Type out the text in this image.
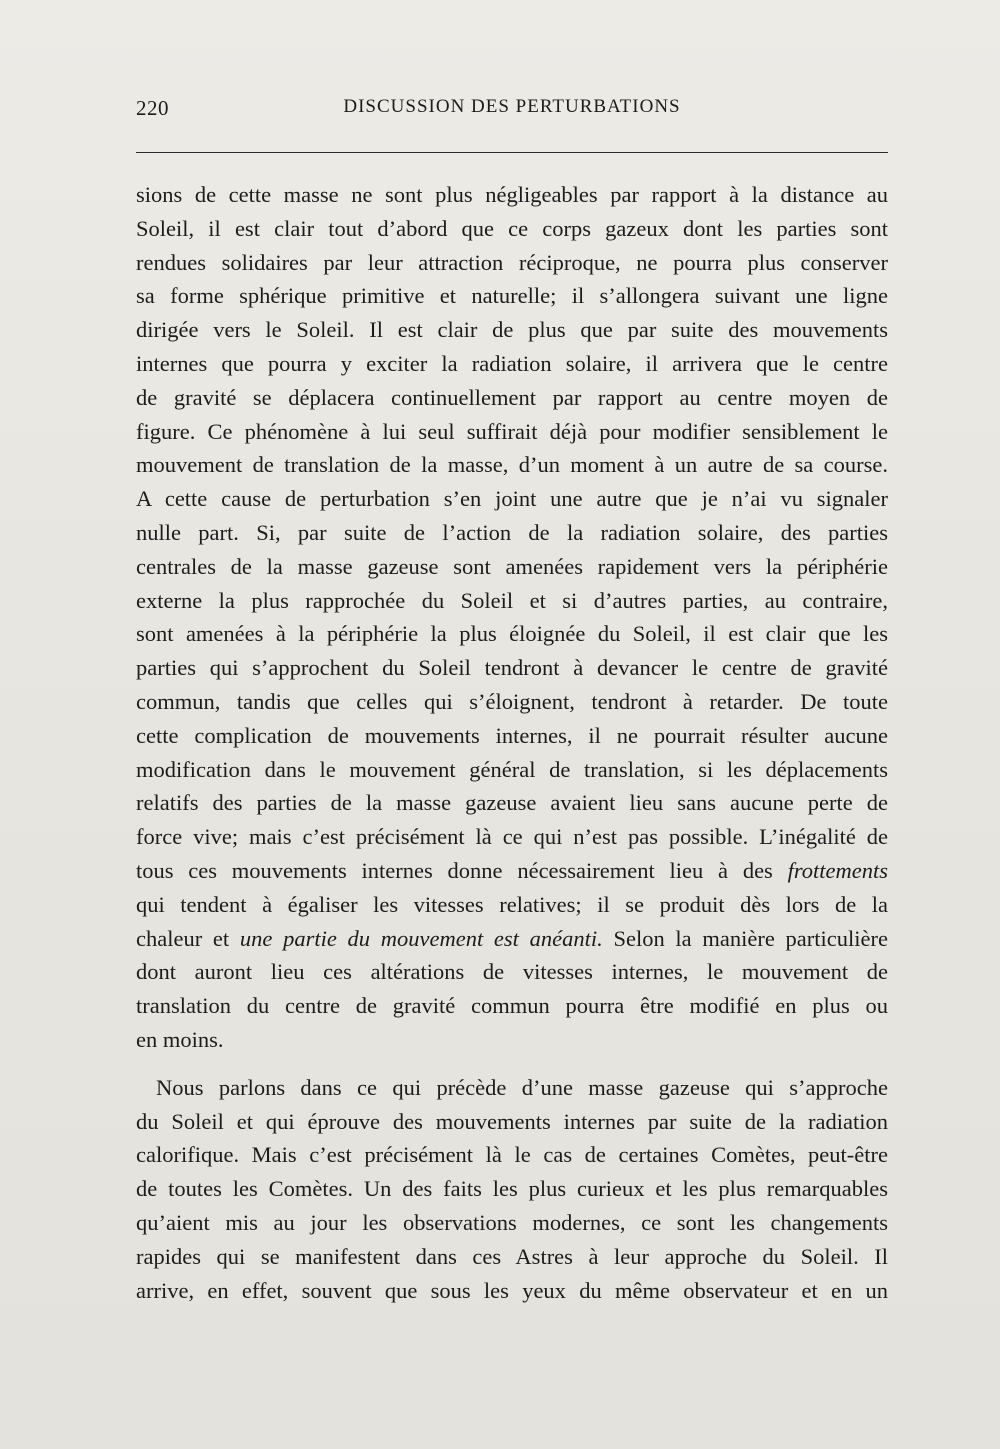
220	DISCUSSION DES PERTURBATIONS
sions de cette masse ne sont plus négligeables par rapport à la distance au
Soleil, il est clair tout d’abord que ce corps gazeux dont les parties sont
rendues solidaires par leur attraction réciproque, ne pourra plus conserver
sa forme sphérique primitive et naturelle; il s’allongera suivant une ligne
dirigée vers le Soleil. Il est clair de plus que par suite des mouvements
internes que pourra y exciter la radiation solaire, il arrivera que le centre
de gravité se déplacera continuellement par rapport au centre moyen de
figure. Ce phénomène à lui seul suffirait déjà pour modifier sensiblement le
mouvement de translation de la masse, d’un moment à un autre de sa course.
A cette cause de perturbation s’en joint une autre que je n’ai vu signaler
nulle part. Si, par suite de l’action de la radiation solaire, des parties
centrales de la masse gazeuse sont amenées rapidement vers la périphérie
externe la plus rapprochée du Soleil et si d’autres parties, au contraire,
sont amenées à la périphérie la plus éloignée du Soleil, il est clair que les
parties qui s’approchent du Soleil tendront à devancer le centre de gravité
commun, tandis que celles qui s’éloignent, tendront à retarder. De toute
cette complication de mouvements internes, il ne pourrait résulter aucune
modification dans le mouvement général de translation, si les déplacements
relatifs des parties de la masse gazeuse avaient lieu sans aucune perte de
force vive; mais c’est précisément là ce qui n’est pas possible. L’inégalité de
tous ces mouvements internes donne nécessairement lieu à des frottements
qui tendent à égaliser les vitesses relatives; il se produit dès lors de la
chaleur et une partie du mouvement est anéanti. Selon la manière particulière
dont auront lieu ces altérations de vitesses internes, le mouvement de
translation du centre de gravité commun pourra être modifié en plus ou
en moins.
Nous parlons dans ce qui précède d’une masse gazeuse qui s’approche
du Soleil et qui éprouve des mouvements internes par suite de la radiation
calorifique. Mais c’est précisément là le cas de certaines Comètes, peut-être
de toutes les Comètes. Un des faits les plus curieux et les plus remarquables
qu’aient mis au jour les observations modernes, ce sont les changements
rapides qui se manifestent dans ces Astres à leur approche du Soleil. Il
arrive, en effet, souvent que sous les yeux du même observateur et en un
